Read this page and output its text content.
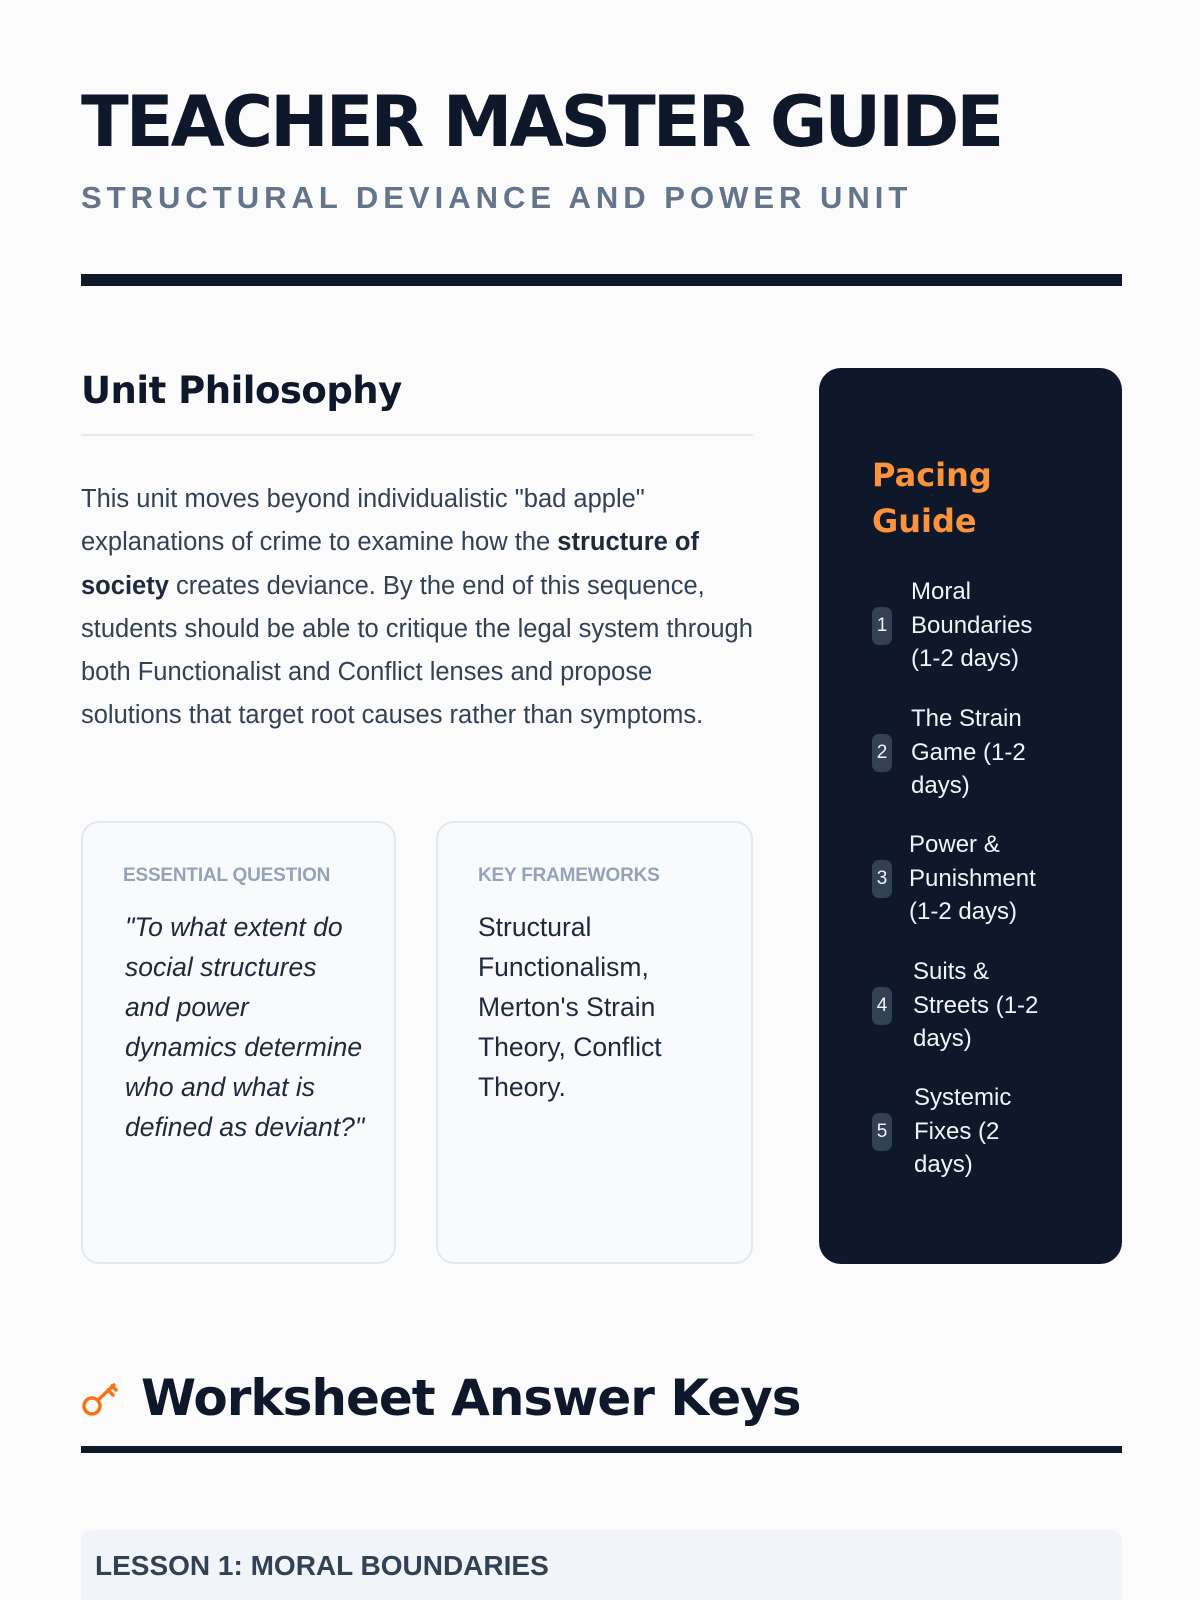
TEACHER MASTER GUIDE
STRUCTURAL DEVIANCE AND POWER UNIT
Unit Philosophy

This unit moves beyond individualistic "bad apple" explanations of crime to examine how the structure of society creates deviance. By the end of this sequence, students should be able to critique the legal system through both Functionalist and Conflict lenses and propose solutions that target root causes rather than symptoms.

ESSENTIAL QUESTION
"To what extent do social structures and power dynamics determine who and what is defined as deviant?"
KEY FRAMEWORKS
Structural Functionalism, Merton's Strain Theory, Conflict Theory.
Pacing Guide
1
Moral Boundaries (1-2 days)
2
The Strain Game (1-2 days)
3
Power & Punishment (1-2 days)
4
Suits & Streets (1-2 days)
5
Systemic Fixes (2 days)
Worksheet Answer Keys
LESSON 1: MORAL BOUNDARIES
